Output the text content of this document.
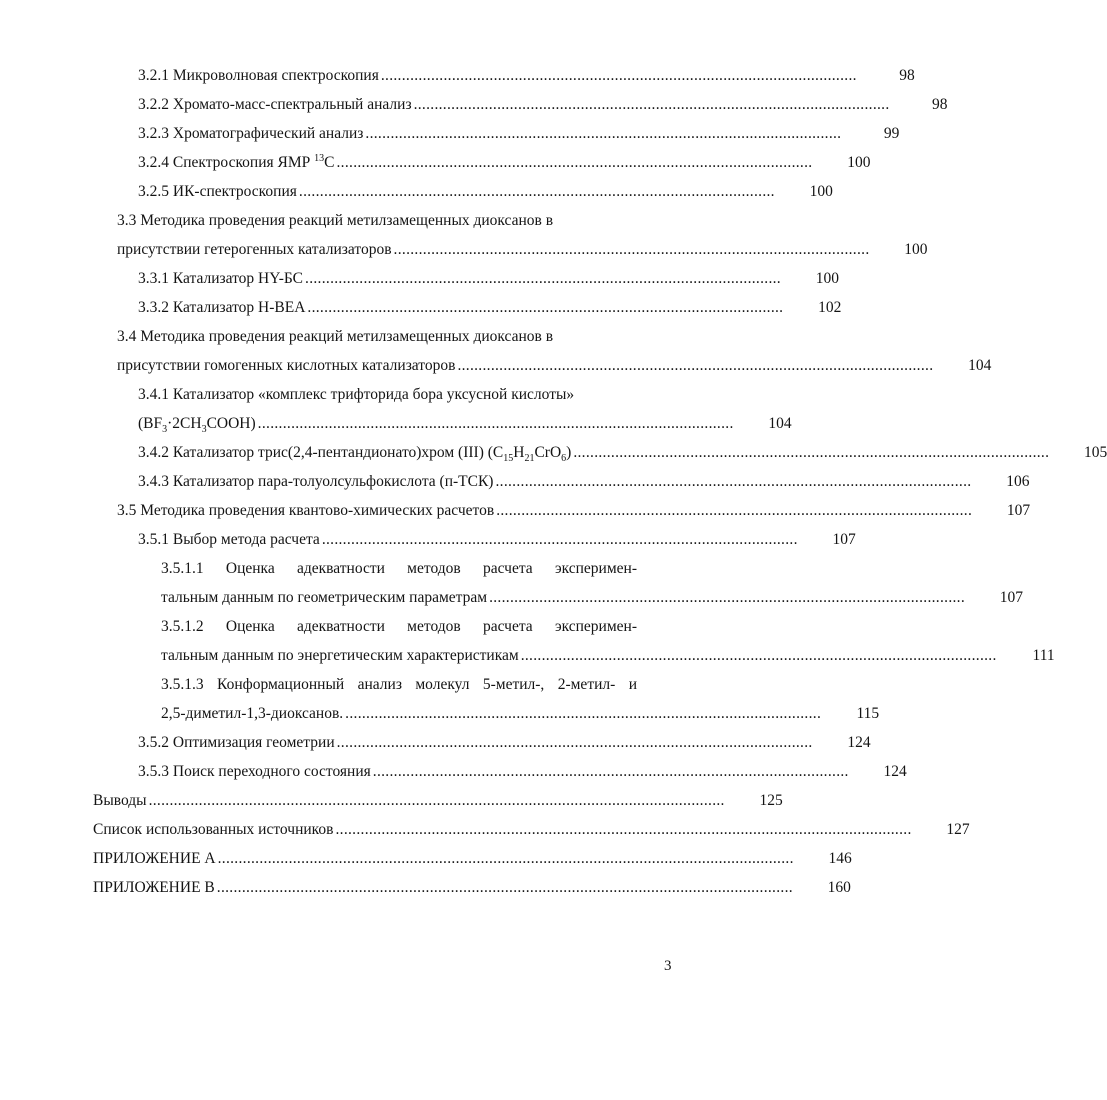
3.2.1 Микроволновая спектроскопия ..................................................................................................................	98
3.2.2 Хромато-масс-спектральный анализ ..................................................................................................................	98
3.2.3 Хроматографический анализ ..................................................................................................................	99
3.2.4 Спектроскопия ЯМР $^{13}$С ..................................................................................................................	100
3.2.5 ИК-спектроскопия ..................................................................................................................	100
3.3 Методика проведения реакций метилзамещенных диоксанов в
присутствии гетерогенных катализаторов ..................................................................................................................	100
3.3.1 Катализатор HY-БС ..................................................................................................................	100
3.3.2 Катализатор H-BEA ..................................................................................................................	102
3.4 Методика проведения реакций метилзамещенных диоксанов в
присутствии гомогенных кислотных катализаторов ..................................................................................................................	104
3.4.1 Катализатор «комплекс трифторида бора уксусной кислоты»
$(BF_3\cdot 2CH_3COOH)$ ..................................................................................................................	104
3.4.2 Катализатор трис(2,4-пентандионато)хром (III) $(C_{15}H_{21}CrO_6)$ ..................................................................................................................	105
3.4.3 Катализатор пара-толуолсульфокислота (п-ТСК) ..................................................................................................................	106
3.5 Методика проведения квантово-химических расчетов ..................................................................................................................	107
3.5.1 Выбор метода расчета ..................................................................................................................	107
3.5.1.1 Оценка адекватности методов расчета эксперимен-
тальным данным по геометрическим параметрам ..................................................................................................................	107
3.5.1.2 Оценка адекватности методов расчета эксперимен-
тальным данным по энергетическим характеристикам ..................................................................................................................	111
3.5.1.3 Конформационный анализ молекул 5-метил-, 2-метил- и
2,5-диметил-1,3-диоксанов. ..................................................................................................................	115
3.5.2 Оптимизация геометрии ..................................................................................................................	124
3.5.3 Поиск переходного состояния ..................................................................................................................	124
Выводы ..........................................................................................................................................	125
Список использованных источников ..........................................................................................................................................	127
ПРИЛОЖЕНИЕ А ..........................................................................................................................................	146
ПРИЛОЖЕНИЕ В ..........................................................................................................................................	160
3
